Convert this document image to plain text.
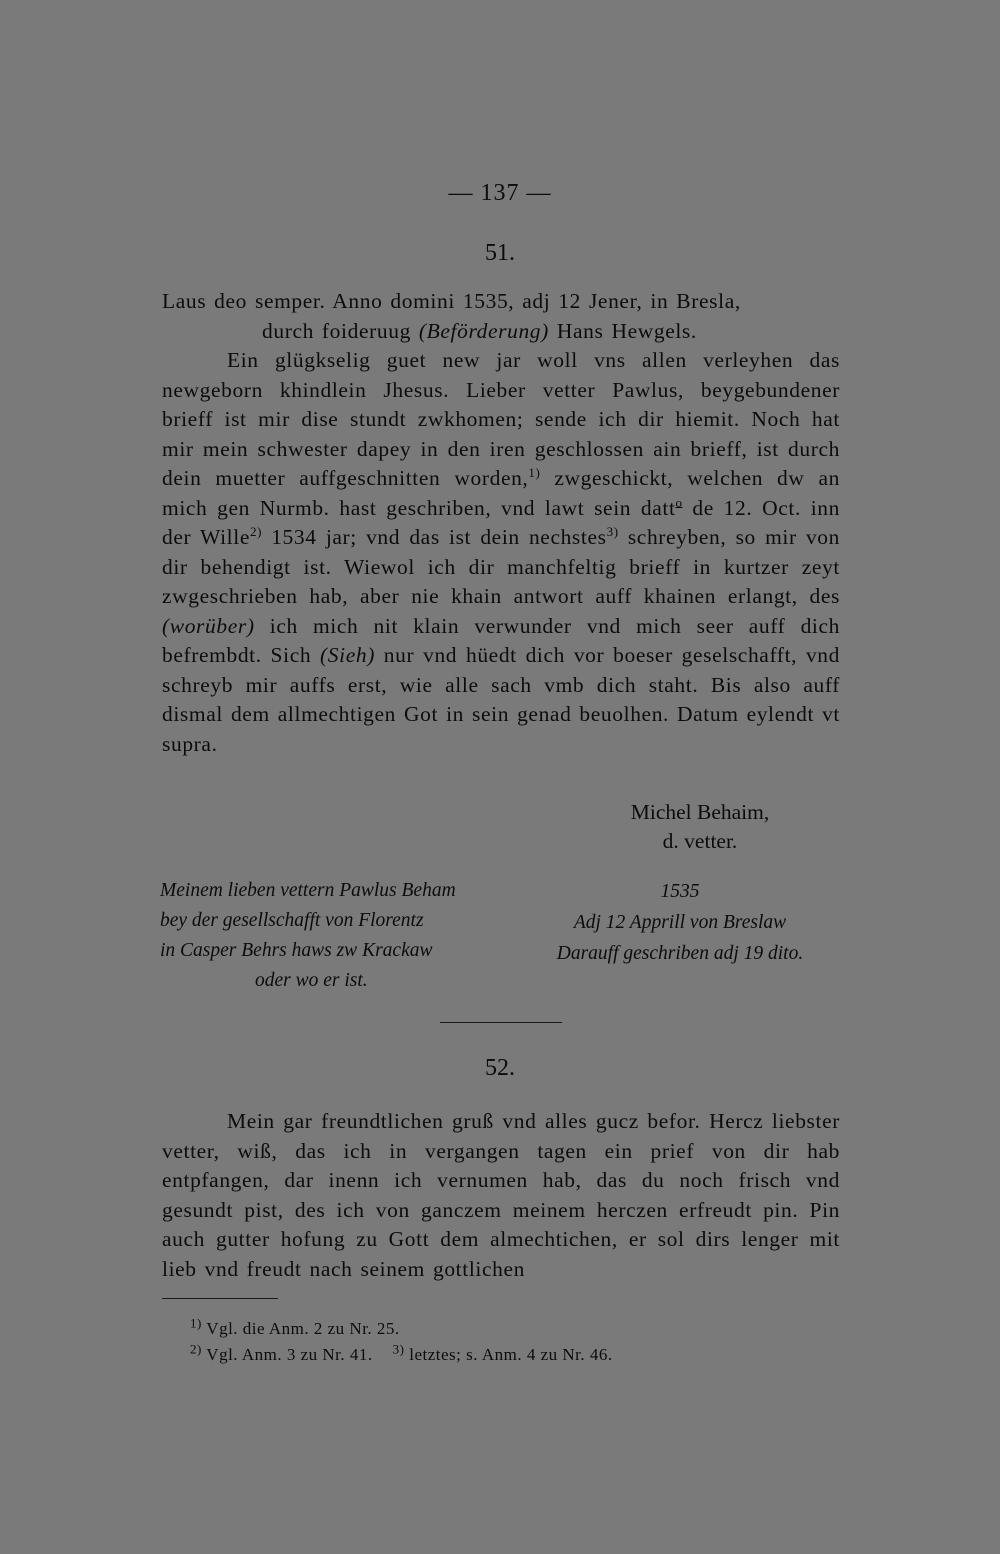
— 137 —
51.

Laus deo semper. Anno domini 1535, adj 12 Jener, in Bresla,
durch foideruug (Beförderung) Hans Hewgels.

Ein glügkselig guet new jar woll vns allen verleyhen das newgeborn khindlein Jhesus. Lieber vetter Pawlus, beygebundener brieff ist mir dise stundt zwkhomen; sende ich dir hiemit. Noch hat mir mein schwester dapey in den iren geschlossen ain brieff, ist durch dein muetter auffgeschnitten worden,$^{1)}$ zwgeschickt, welchen dw an mich gen Nurmb. hast geschriben, vnd lawt sein datt$^o$ de 12. Oct. inn der Wille$^{2)}$ 1534 jar; vnd das ist dein nechstes$^{3)}$ schreyben, so mir von dir behendigt ist. Wiewol ich dir manchfeltig brieff in kurtzer zeyt zwgeschrieben hab, aber nie khain antwort auff khainen erlangt, des (worüber) ich mich nit klain verwunder vnd mich seer auff dich befrembdt. Sich (Sieh) nur vnd hüedt dich vor boeser geselschafft, vnd schreyb mir auffs erst, wie alle sach vmb dich staht. Bis also auff dismal dem allmechtigen Got in sein genad beuolhen. Datum eylendt vt supra.

Michel Behaim,
d. vetter.
Meinem lieben vettern Pawlus Beham
bey der gesellschafft von Florentz
in Casper Behrs haws zw Krackaw
oder wo er ist.
1535
Adj 12 Apprill von Breslaw
Darauff geschriben adj 19 dito.
52.

Mein gar freundtlichen gruß vnd alles gucz befor. Hercz liebster vetter, wiß, das ich in vergangen tagen ein prief von dir hab entpfangen, dar inenn ich vernumen hab, das du noch frisch vnd gesundt pist, des ich von ganczem meinem herczen erfreudt pin. Pin auch gutter hofung zu Gott dem almechtichen, er sol dirs lenger mit lieb vnd freudt nach seinem gottlichen

$^{1)}$ Vgl. die Anm. 2 zu Nr. 25.
$^{2)}$ Vgl. Anm. 3 zu Nr. 41. $^{3)}$ letztes; s. Anm. 4 zu Nr. 46.
